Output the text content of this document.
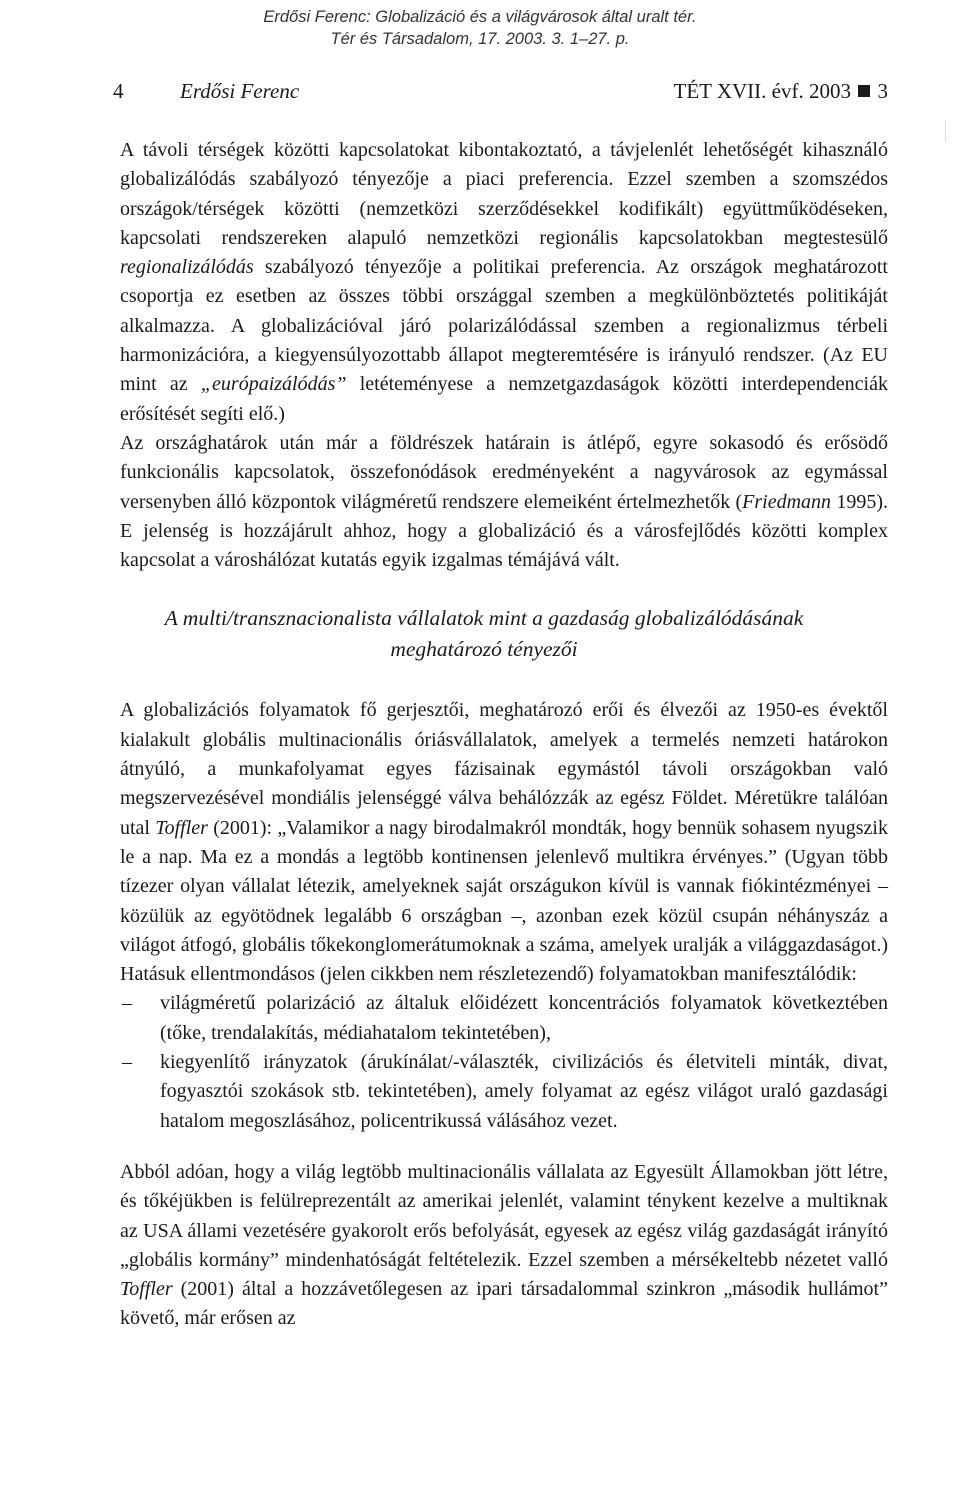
Erdősi Ferenc: Globalizáció és a világvárosok által uralt tér.
Tér és Társadalom, 17. 2003. 3. 1–27. p.
4	Erdősi Ferenc	TÉT XVII. évf. 2003 3

A távoli térségek közötti kapcsolatokat kibontakoztató, a távjelenlét lehetőségét kihasználó globalizálódás szabályozó tényezője a piaci preferencia. Ezzel szemben a szomszédos országok/térségek közötti (nemzetközi szerződésekkel kodifikált) együttműködéseken, kapcsolati rendszereken alapuló nemzetközi regionális kapcsolatokban megtestesülő regionalizálódás szabályozó tényezője a politikai preferencia. Az országok meghatározott csoportja ez esetben az összes többi országgal szemben a megkülönböztetés politikáját alkalmazza. A globalizációval járó polarizálódással szemben a regionalizmus térbeli harmonizációra, a kiegyensúlyozottabb állapot megteremtésére is irányuló rendszer. (Az EU mint az „európaizálódás” letéteményese a nemzetgazdaságok közötti interdependenciák erősítését segíti elő.)

Az országhatárok után már a földrészek határain is átlépő, egyre sokasodó és erősödő funkcionális kapcsolatok, összefonódások eredményeként a nagyvárosok az egymással versenyben álló központok világméretű rendszere elemeiként értelmezhetők (Friedmann 1995). E jelenség is hozzájárult ahhoz, hogy a globalizáció és a városfejlődés közötti komplex kapcsolat a városhálózat kutatás egyik izgalmas témájává vált.

A multi/transznacionalista vállalatok mint a gazdaság globalizálódásának meghatározó tényezői

A globalizációs folyamatok fő gerjesztői, meghatározó erői és élvezői az 1950-es évektől kialakult globális multinacionális óriásvállalatok, amelyek a termelés nemzeti határokon átnyúló, a munkafolyamat egyes fázisainak egymástól távoli országokban való megszervezésével mondiális jelenséggé válva behálózzák az egész Földet. Méretükre találóan utal Toffler (2001): „Valamikor a nagy birodalmakról mondták, hogy bennük sohasem nyugszik le a nap. Ma ez a mondás a legtöbb kontinensen jelenlevő multikra érvényes.” (Ugyan több tízezer olyan vállalat létezik, amelyeknek saját országukon kívül is vannak fiókintézményei – közülük az egyötödnek legalább 6 országban –, azonban ezek közül csupán néhányszáz a világot átfogó, globális tőkekonglomerátumoknak a száma, amelyek uralják a világgazdaságot.) Hatásuk ellentmondásos (jelen cikkben nem részletezendő) folyamatokban manifesztálódik:

– világméretű polarizáció az általuk előidézett koncentrációs folyamatok következtében (tőke, trendalakítás, médiahatalom tekintetében),
– kiegyenlítő irányzatok (árukínálat/-választék, civilizációs és életviteli minták, divat, fogyasztói szokások stb. tekintetében), amely folyamat az egész világot uraló gazdasági hatalom megoszlásához, policentrikussá válásához vezet.

Abból adóan, hogy a világ legtöbb multinacionális vállalata az Egyesült Államokban jött létre, és tőkéjükben is felülreprezentált az amerikai jelenlét, valamint ténykent kezelve a multiknak az USA állami vezetésére gyakorolt erős befolyását, egyesek az egész világ gazdaságát irányító „globális kormány” mindenhatóságát feltételezik. Ezzel szemben a mérsékeltebb nézetet valló Toffler (2001) által a hozzávetőlegesen az ipari társadalommal szinkron „második hullámot” követő, már erősen az
